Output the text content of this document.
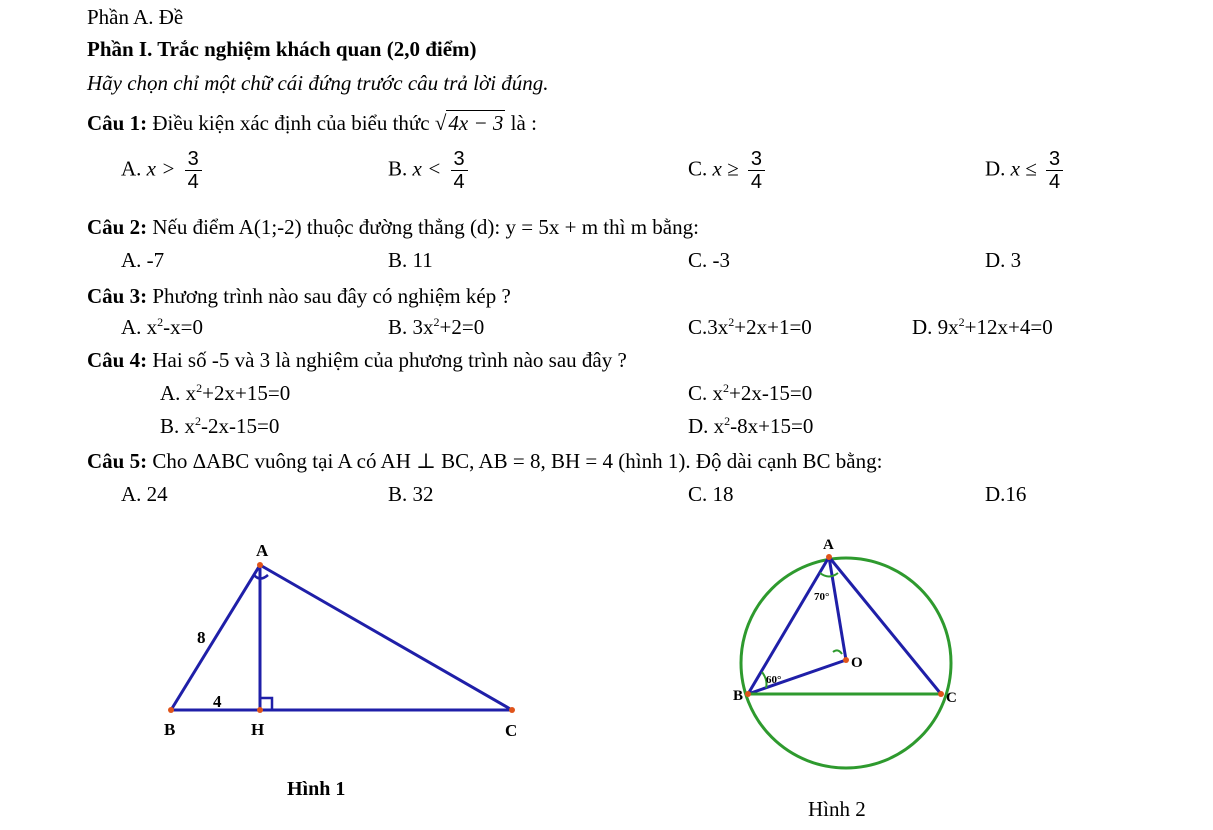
Phần A. Đề
Phần I. Trắc nghiệm khách quan (2,0 điểm)
Hãy chọn chỉ một chữ cái đứng trước câu trả lời đúng.
Câu 1: Điều kiện xác định của biểu thức √4x − 3 là :
A. $x > \frac{3}{4}$	B. $x < \frac{3}{4}$	C. $x \ge \frac{3}{4}$	D. $x \le \frac{3}{4}$
Câu 2: Nếu điểm A(1;-2) thuộc đường thẳng (d): y = 5x + m thì m bằng:
A. -7	B. 11	C. -3	D. 3
Câu 3: Phương trình nào sau đây có nghiệm kép ?
A. $x^2-x=0$	B. $3x^2+2=0$	$C.3x^2+2x+1=0$	D. $9x^2+12x+4=0$
Câu 4: Hai số -5 và 3 là nghiệm của phương trình nào sau đây ?
A. $x^2+2x+15=0$	C. $x^2+2x-15=0$
B. $x^2-2x-15=0$	D. $x^2-8x+15=0$
Câu 5: Cho ΔABC vuông tại A có AH ⊥ BC, AB = 8, BH = 4 (hình 1). Độ dài cạnh BC bằng:
A. 24	B. 32	C. 18	D.16
A
B	H	C
8
4
Hình 1
A
B	C
O
70°
60°
Hình 2
